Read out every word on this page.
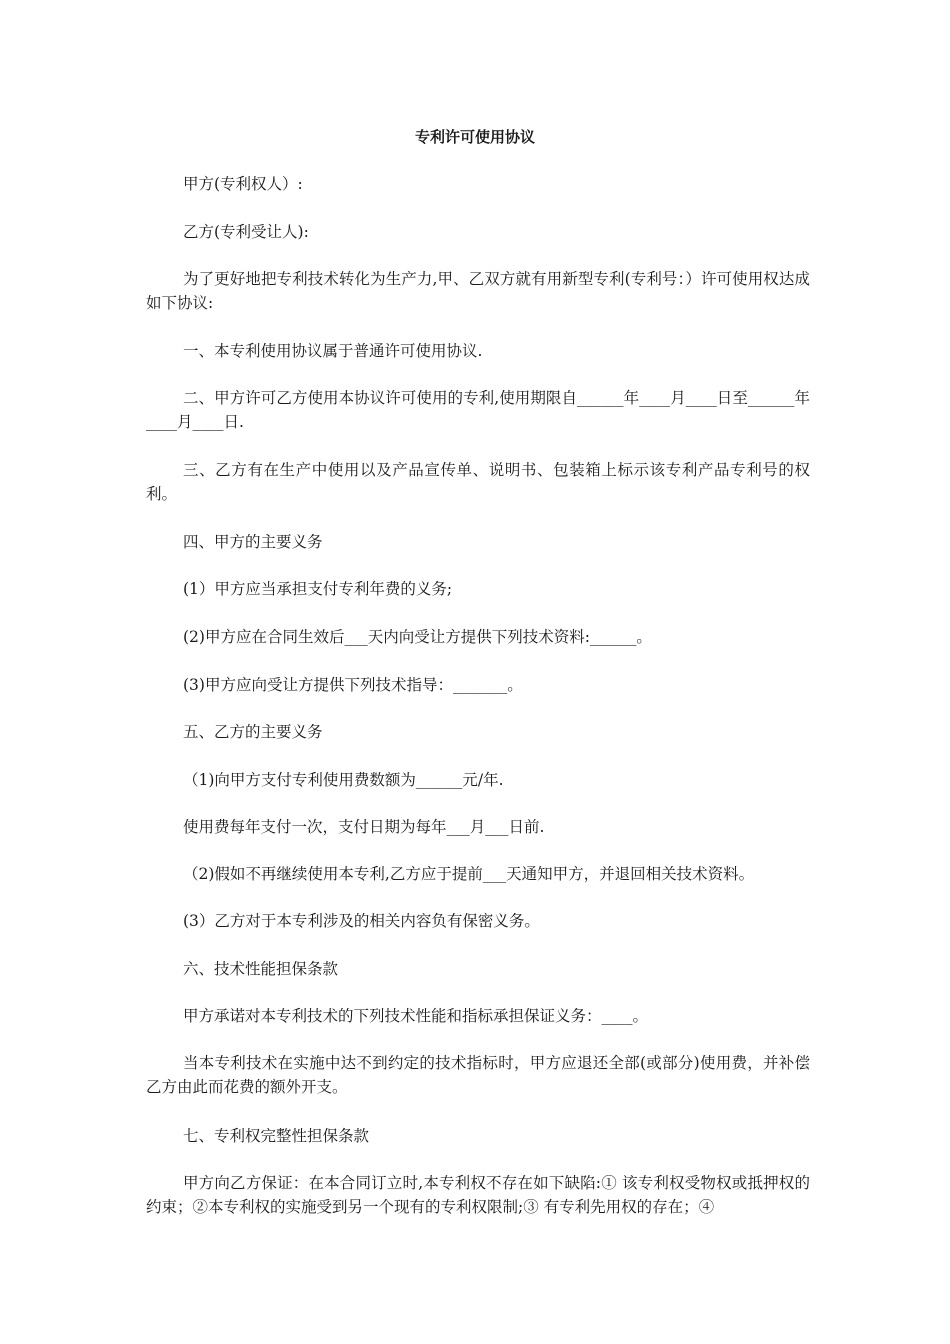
专利许可使用协议

甲方(专利权人）:

乙方(专利受让人):

为了更好地把专利技术转化为生产力,甲、乙双方就有用新型专利(专利号：）许可使用权达成如下协议:

一、本专利使用协议属于普通许可使用协议.

二、甲方许可乙方使用本协议许可使用的专利,使用期限自______年____月____日至______年____月____日.

三、乙方有在生产中使用以及产品宣传单、说明书、包装箱上标示该专利产品专利号的权利。

四、甲方的主要义务

(1）甲方应当承担支付专利年费的义务;

(2)甲方应在合同生效后___天内向受让方提供下列技术资料:______。

(3)甲方应向受让方提供下列技术指导：_______。

五、乙方的主要义务

（1)向甲方支付专利使用费数额为______元/年.

使用费每年支付一次，支付日期为每年___月___日前.

（2)假如不再继续使用本专利,乙方应于提前___天通知甲方，并退回相关技术资料。

(3）乙方对于本专利涉及的相关内容负有保密义务。

六、技术性能担保条款

甲方承诺对本专利技术的下列技术性能和指标承担保证义务：____。

当本专利技术在实施中达不到约定的技术指标时，甲方应退还全部(或部分)使用费，并补偿乙方由此而花费的额外开支。

七、专利权完整性担保条款

甲方向乙方保证：在本合同订立时,本专利权不存在如下缺陷:① 该专利权受物权或抵押权的约束；②本专利权的实施受到另一个现有的专利权限制;③ 有专利先用权的存在；④
